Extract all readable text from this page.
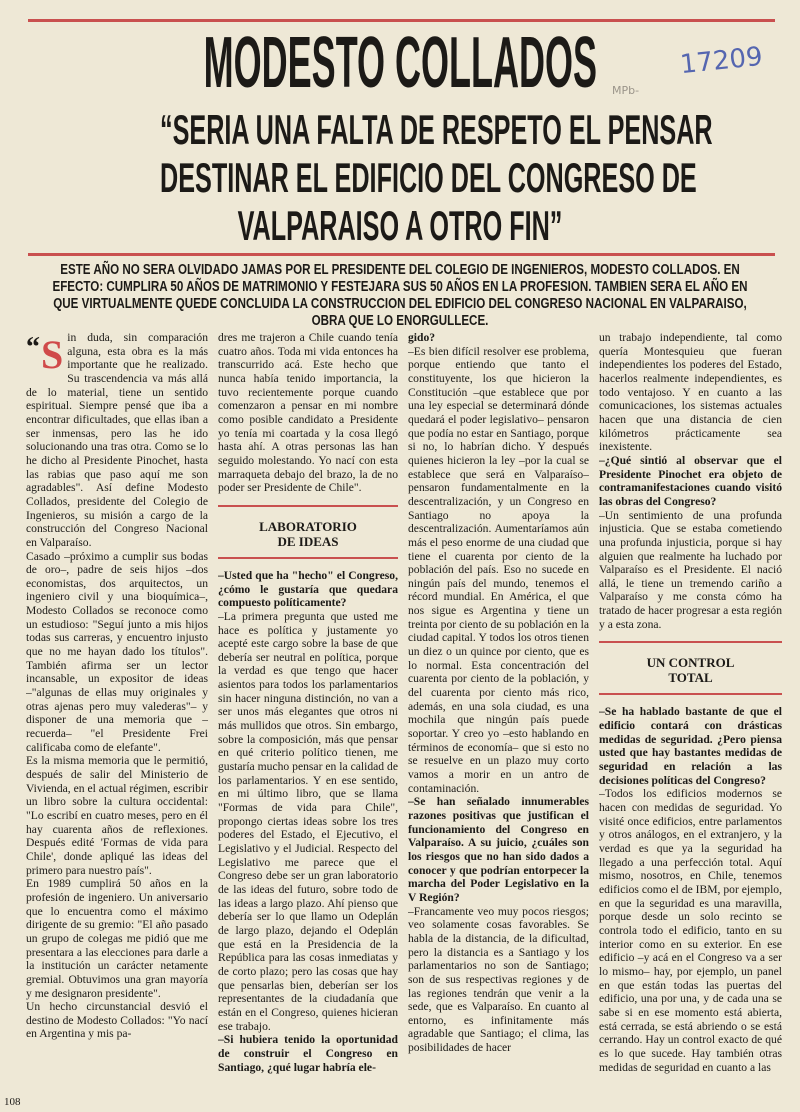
MODESTO COLLADOS	17209
MPb-
“SERIA UNA FALTA DE RESPETO EL PENSAR
DESTINAR EL EDIFICIO DEL CONGRESO DE
VALPARAISO A OTRO FIN”

ESTE AÑO NO SERA OLVIDADO JAMAS POR EL PRESIDENTE DEL COLEGIO DE INGENIEROS, MODESTO COLLADOS. EN EFECTO: CUMPLIRA 50 AÑOS DE MATRIMONIO Y FESTEJARA SUS 50 AÑOS EN LA PROFESION. TAMBIEN SERA EL AÑO EN QUE VIRTUALMENTE QUEDE CONCLUIDA LA CONSTRUCCION DEL EDIFICIO DEL CONGRESO NACIONAL EN VALPARAISO, OBRA QUE LO ENORGULLECE.

“ S in duda, sin comparación alguna, esta obra es la más importante que he realizado. Su trascendencia va más allá de lo material, tiene un sentido espiritual. Siempre pensé que iba a encontrar dificultades, que ellas iban a ser inmensas, pero las he ido solucionando una tras otra. Como se lo he dicho al Presidente Pinochet, hasta las rabias que paso aquí me son agradables". Así define Modesto Collados, presidente del Colegio de Ingenieros, su misión a cargo de la construcción del Congreso Nacional en Valparaíso.

Casado –próximo a cumplir sus bodas de oro–, padre de seis hijos –dos economistas, dos arquitectos, un ingeniero civil y una bioquímica–, Modesto Collados se reconoce como un estudioso: "Seguí junto a mis hijos todas sus carreras, y encuentro injusto que no me hayan dado los títulos". También afirma ser un lector incansable, un expositor de ideas –"algunas de ellas muy originales y otras ajenas pero muy valederas"– y disponer de una memoria que –recuerda– "el Presidente Frei calificaba como de elefante".

Es la misma memoria que le permitió, después de salir del Ministerio de Vivienda, en el actual régimen, escribir un libro sobre la cultura occidental: "Lo escribí en cuatro meses, pero en él hay cuarenta años de reflexiones. Después edité 'Formas de vida para Chile', donde apliqué las ideas del primero para nuestro país".

En 1989 cumplirá 50 años en la profesión de ingeniero. Un aniversario que lo encuentra como el máximo dirigente de su gremio: "El año pasado un grupo de colegas me pidió que me presentara a las elecciones para darle a la institución un carácter netamente gremial. Obtuvimos una gran mayoría y me designaron presidente".

Un hecho circunstancial desvió el destino de Modesto Collados: "Yo nací en Argentina y mis pa-

dres me trajeron a Chile cuando tenía cuatro años. Toda mi vida entonces ha transcurrido acá. Este hecho que nunca había tenido importancia, la tuvo recientemente porque cuando comenzaron a pensar en mi nombre como posible candidato a Presidente yo tenía mi coartada y la cosa llegó hasta ahí. A otras personas las han seguido molestando. Yo nací con esta marraqueta debajo del brazo, la de no poder ser Presidente de Chile".

LABORATORIO
DE IDEAS

–Usted que ha "hecho" el Congreso, ¿cómo le gustaría que quedara compuesto políticamente?

–La primera pregunta que usted me hace es política y justamente yo acepté este cargo sobre la base de que debería ser neutral en política, porque la verdad es que tengo que hacer asientos para todos los parlamentarios sin hacer ninguna distinción, no van a ser unos más elegantes que otros ni más mullidos que otros. Sin embargo, sobre la composición, más que pensar en qué criterio político tienen, me gustaría mucho pensar en la calidad de los parlamentarios. Y en ese sentido, en mi último libro, que se llama "Formas de vida para Chile", propongo ciertas ideas sobre los tres poderes del Estado, el Ejecutivo, el Legislativo y el Judicial. Respecto del Legislativo me parece que el Congreso debe ser un gran laboratorio de las ideas del futuro, sobre todo de las ideas a largo plazo. Ahí pienso que debería ser lo que llamo un Odeplán de largo plazo, dejando el Odeplán que está en la Presidencia de la República para las cosas inmediatas y de corto plazo; pero las cosas que hay que pensarlas bien, deberían ser los representantes de la ciudadanía que están en el Congreso, quienes hicieran ese trabajo.

–Si hubiera tenido la oportunidad de construir el Congreso en Santiago, ¿qué lugar habría ele-

gido?

–Es bien difícil resolver ese problema, porque entiendo que tanto el constituyente, los que hicieron la Constitución –que establece que por una ley especial se determinará dónde quedará el poder legislativo– pensaron que podía no estar en Santiago, porque si no, lo habrían dicho. Y después quienes hicieron la ley –por la cual se establece que será en Valparaíso– pensaron fundamentalmente en la descentralización, y un Congreso en Santiago no apoya la descentralización. Aumentaríamos aún más el peso enorme de una ciudad que tiene el cuarenta por ciento de la población del país. Eso no sucede en ningún país del mundo, tenemos el récord mundial. En América, el que nos sigue es Argentina y tiene un treinta por ciento de su población en la ciudad capital. Y todos los otros tienen un diez o un quince por ciento, que es lo normal. Esta concentración del cuarenta por ciento de la población, y del cuarenta por ciento más rico, además, en una sola ciudad, es una mochila que ningún país puede soportar. Y creo yo –esto hablando en términos de economía– que si esto no se resuelve en un plazo muy corto vamos a morir en un antro de contaminación.

–Se han señalado innumerables razones positivas que justifican el funcionamiento del Congreso en Valparaíso. A su juicio, ¿cuáles son los riesgos que no han sido dados a conocer y que podrían entorpecer la marcha del Poder Legislativo en la V Región?

–Francamente veo muy pocos riesgos; veo solamente cosas favorables. Se habla de la distancia, de la dificultad, pero la distancia es a Santiago y los parlamentarios no son de Santiago; son de sus respectivas regiones y de las regiones tendrán que venir a la sede, que es Valparaíso. En cuanto al entorno, es infinitamente más agradable que Santiago; el clima, las posibilidades de hacer

un trabajo independiente, tal como quería Montesquieu que fueran independientes los poderes del Estado, hacerlos realmente independientes, es todo ventajoso. Y en cuanto a las comunicaciones, los sistemas actuales hacen que una distancia de cien kilómetros prácticamente sea inexistente.

–¿Qué sintió al observar que el Presidente Pinochet era objeto de contramanifestaciones cuando visitó las obras del Congreso?

–Un sentimiento de una profunda injusticia. Que se estaba cometiendo una profunda injusticia, porque si hay alguien que realmente ha luchado por Valparaíso es el Presidente. El nació allá, le tiene un tremendo cariño a Valparaíso y me consta cómo ha tratado de hacer progresar a esta región y a esta zona.

UN CONTROL
TOTAL

–Se ha hablado bastante de que el edificio contará con drásticas medidas de seguridad. ¿Pero piensa usted que hay bastantes medidas de seguridad en relación a las decisiones políticas del Congreso?

–Todos los edificios modernos se hacen con medidas de seguridad. Yo visité once edificios, entre parlamentos y otros análogos, en el extranjero, y la verdad es que ya la seguridad ha llegado a una perfección total. Aquí mismo, nosotros, en Chile, tenemos edificios como el de IBM, por ejemplo, en que la seguridad es una maravilla, porque desde un solo recinto se controla todo el edificio, tanto en su interior como en su exterior. En ese edificio –y acá en el Congreso va a ser lo mismo– hay, por ejemplo, un panel en que están todas las puertas del edificio, una por una, y de cada una se sabe si en ese momento está abierta, está cerrada, se está abriendo o se está cerrando. Hay un control exacto de qué es lo que sucede. Hay también otras medidas de seguridad en cuanto a las

108
